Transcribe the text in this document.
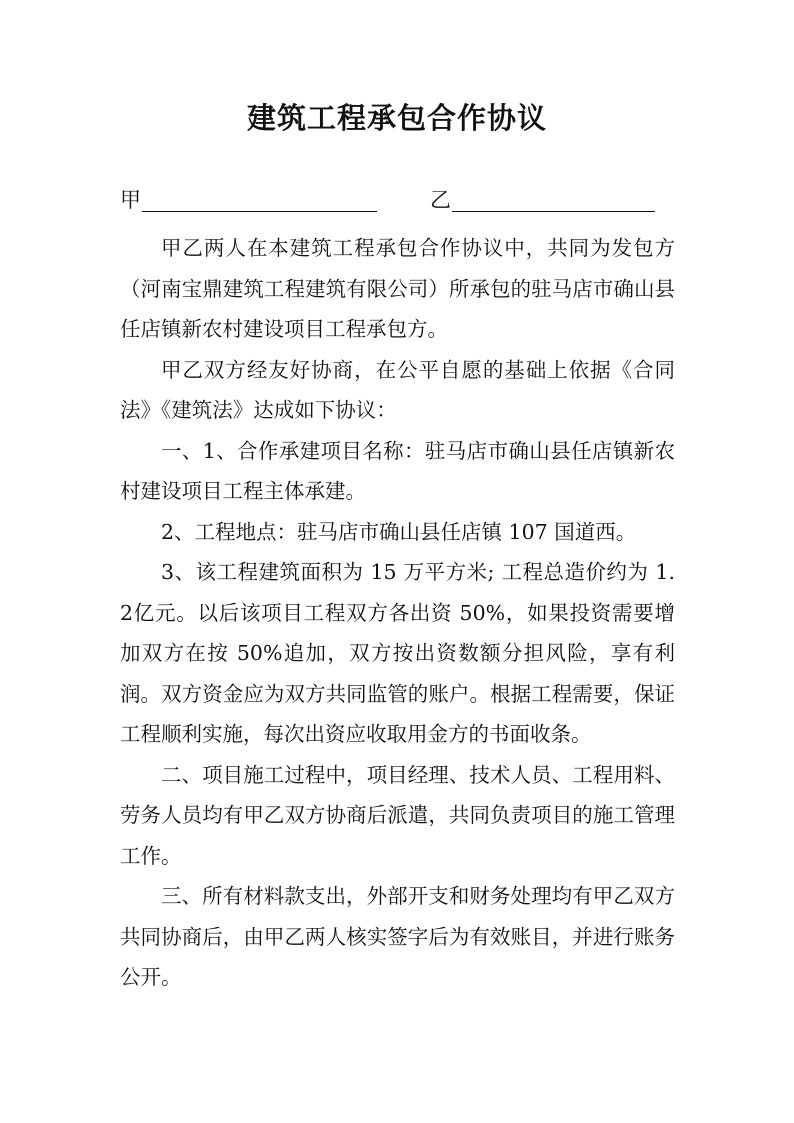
建筑工程承包合作协议
甲	乙

甲乙两人在本建筑工程承包合作协议中，共同为发包方（河南宝鼎建筑工程建筑有限公司）所承包的驻马店市确山县任店镇新农村建设项目工程承包方。

甲乙双方经友好协商，在公平自愿的基础上依据《合同法》《建筑法》达成如下协议：

一、1、合作承建项目名称：驻马店市确山县任店镇新农村建设项目工程主体承建。

2、工程地点：驻马店市确山县任店镇 107 国道西。

3、该工程建筑面积为 15 万平方米; 工程总造价约为 1.2亿元。以后该项目工程双方各出资 50%，如果投资需要增加双方在按 50%追加，双方按出资数额分担风险，享有利润。双方资金应为双方共同监管的账户。根据工程需要，保证工程顺利实施，每次出资应收取用金方的书面收条。

二、项目施工过程中，项目经理、技术人员、工程用料、劳务人员均有甲乙双方协商后派遣，共同负责项目的施工管理工作。

三、所有材料款支出，外部开支和财务处理均有甲乙双方共同协商后，由甲乙两人核实签字后为有效账目，并进行账务公开。
